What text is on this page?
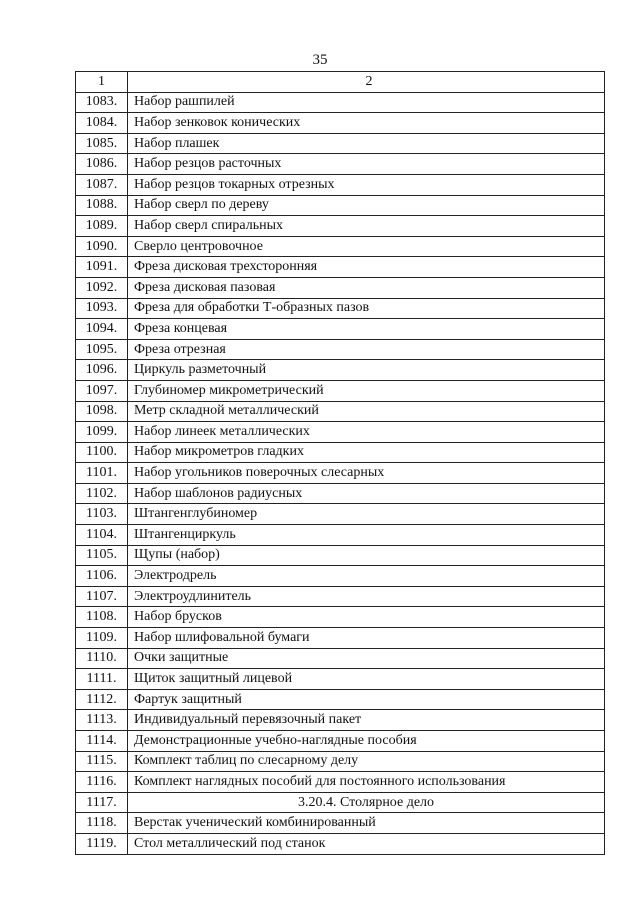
35
1	2
1083.	Набор рашпилей
1084.	Набор зенковок конических
1085.	Набор плашек
1086.	Набор резцов расточных
1087.	Набор резцов токарных отрезных
1088.	Набор сверл по дереву
1089.	Набор сверл спиральных
1090.	Сверло центровочное
1091.	Фреза дисковая трехсторонняя
1092.	Фреза дисковая пазовая
1093.	Фреза для обработки Т-образных пазов
1094.	Фреза концевая
1095.	Фреза отрезная
1096.	Циркуль разметочный
1097.	Глубиномер микрометрический
1098.	Метр складной металлический
1099.	Набор линеек металлических
1100.	Набор микрометров гладких
1101.	Набор угольников поверочных слесарных
1102.	Набор шаблонов радиусных
1103.	Штангенглубиномер
1104.	Штангенциркуль
1105.	Щупы (набор)
1106.	Электродрель
1107.	Электроудлинитель
1108.	Набор брусков
1109.	Набор шлифовальной бумаги
1110.	Очки защитные
1111.	Щиток защитный лицевой
1112.	Фартук защитный
1113.	Индивидуальный перевязочный пакет
1114.	Демонстрационные учебно-наглядные пособия
1115.	Комплект таблиц по слесарному делу
1116.	Комплект наглядных пособий для постоянного использования
1117.	3.20.4. Столярное дело
1118.	Верстак ученический комбинированный
1119.	Стол металлический под станок
